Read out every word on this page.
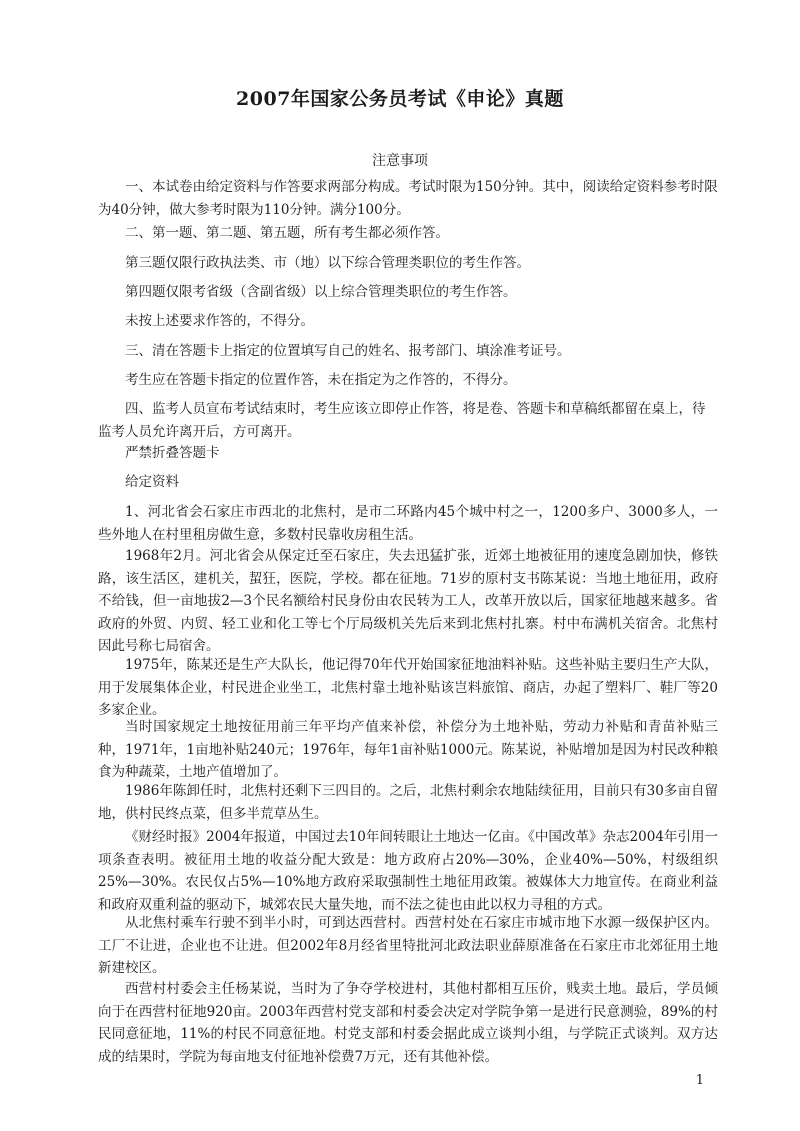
2007年国家公务员考试《申论》真题
注意事项

一、本试卷由给定资料与作答要求两部分构成。考试时限为150分钟。其中，阅读给定资料参考时限为40分钟，做大参考时限为110分钟。满分100分。

二、第一题、第二题、第五题，所有考生都必须作答。

第三题仅限行政执法类、市（地）以下综合管理类职位的考生作答。

第四题仅限考省级（含副省级）以上综合管理类职位的考生作答。

未按上述要求作答的，不得分。

三、清在答题卡上指定的位置填写自己的姓名、报考部门、填涂准考证号。

考生应在答题卡指定的位置作答，未在指定为之作答的，不得分。

四、监考人员宣布考试结束时，考生应该立即停止作答，将是卷、答题卡和草稿纸都留在桌上，待监考人员允许离开后，方可离开。

严禁折叠答题卡

给定资料

1、河北省会石家庄市西北的北焦村，是市二环路内45个城中村之一，1200多户、3000多人，一些外地人在村里租房做生意，多数村民靠收房租生活。

1968年2月。河北省会从保定迁至石家庄，失去迅猛扩张，近郊土地被征用的速度急剧加快，修铁路，该生活区，建机关，蛪狂，医院，学校。都在征地。71岁的原村支书陈某说：当地土地征用，政府不给钱，但一亩地拔2—3个民名额给村民身份由农民转为工人，改革开放以后，国家征地越来越多。省政府的外贸、内贸、轻工业和化工等七个厅局级机关先后来到北焦村扎寨。村中布满机关宿舍。北焦村因此号称七局宿舍。

1975年，陈某还是生产大队长，他记得70年代开始国家征地油料补贴。这些补贴主要归生产大队，用于发展集体企业，村民进企业坐工，北焦村靠土地补贴该岂料旅馆、商店，办起了塑料厂、鞋厂等20多家企业。

当时国家规定土地按征用前三年平均产值来补偿，补偿分为土地补贴，劳动力补贴和青苗补贴三种，1971年，1亩地补贴240元；1976年，每年1亩补贴1000元。陈某说，补贴增加是因为村民改种粮食为种蔬菜，土地产值增加了。

1986年陈卸任时，北焦村还剩下三四目的。之后，北焦村剩余农地陆续征用，目前只有30多亩自留地，供村民终点菜，但多半荒草丛生。

《财经时报》2004年报道，中国过去10年间转眼让土地达一亿亩。《中国改革》杂志2004年引用一项条查表明。被征用土地的收益分配大致是：地方政府占20%—30%，企业40%—50%，村级组织25%—30%。农民仅占5%—10%地方政府采取强制性土地征用政策。被媒体大力地宣传。在商业利益和政府双重利益的驱动下，城郊农民大量失地，而不法之徒也由此以权力寻租的方式。

从北焦村乘车行驶不到半小时，可到达西营村。西营村处在石家庄市城市地下水源一级保护区内。工厂不让进，企业也不让进。但2002年8月经省里特批河北政法职业薛原准备在石家庄市北郊征用土地新建校区。

西营村村委会主任杨某说，当时为了争夺学校进村，其他村都相互压价，贱卖土地。最后，学员倾向于在西营村征地920亩。2003年西营村党支部和村委会决定对学院争第一是进行民意测验，89%的村民同意征地，11%的村民不同意征地。村党支部和村委会据此成立谈判小组，与学院正式谈判。双方达成的结果时，学院为每亩地支付征地补偿费7万元，还有其他补偿。

1
